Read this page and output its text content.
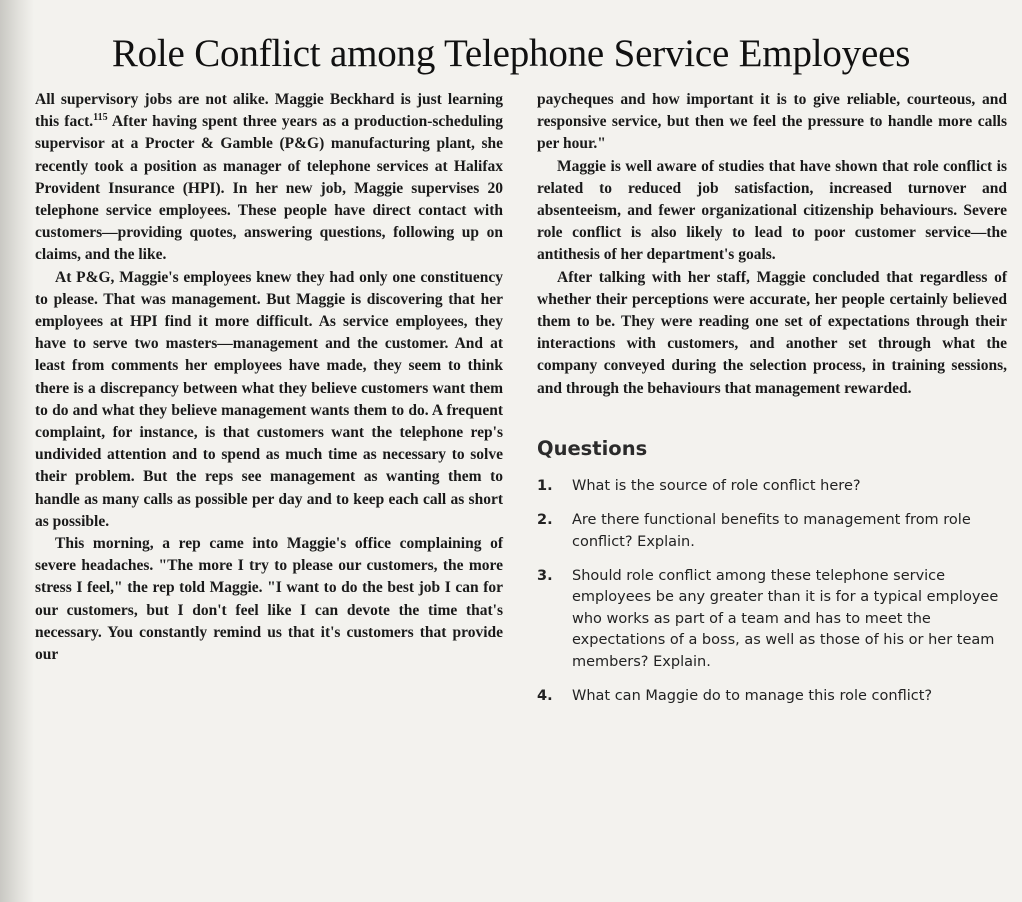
Role Conflict among Telephone Service Employees

All supervisory jobs are not alike. Maggie Beckhard is just learning this fact.$^{115}$ After having spent three years as a production-scheduling supervisor at a Procter & Gamble (P&G) manufacturing plant, she recently took a position as manager of telephone services at Halifax Provident Insurance (HPI). In her new job, Maggie supervises 20 telephone service employees. These people have direct contact with customers—providing quotes, answering questions, following up on claims, and the like.

At P&G, Maggie's employees knew they had only one constituency to please. That was management. But Maggie is discovering that her employees at HPI find it more difficult. As service employees, they have to serve two masters—management and the customer. And at least from comments her employees have made, they seem to think there is a discrepancy between what they believe customers want them to do and what they believe management wants them to do. A frequent complaint, for instance, is that customers want the telephone rep's undivided attention and to spend as much time as necessary to solve their problem. But the reps see management as wanting them to handle as many calls as possible per day and to keep each call as short as possible.

This morning, a rep came into Maggie's office complaining of severe headaches. "The more I try to please our customers, the more stress I feel," the rep told Maggie. "I want to do the best job I can for our customers, but I don't feel like I can devote the time that's necessary. You constantly remind us that it's customers that provide our

paycheques and how important it is to give reliable, courteous, and responsive service, but then we feel the pressure to handle more calls per hour."

Maggie is well aware of studies that have shown that role conflict is related to reduced job satisfaction, increased turnover and absenteeism, and fewer organizational citizenship behaviours. Severe role conflict is also likely to lead to poor customer service—the antithesis of her department's goals.

After talking with her staff, Maggie concluded that regardless of whether their perceptions were accurate, her people certainly believed them to be. They were reading one set of expectations through their interactions with customers, and another set through what the company conveyed during the selection process, in training sessions, and through the behaviours that management rewarded.

Questions
1.	What is the source of role conflict here?
2.	Are there functional benefits to management from role conflict? Explain.
3.	Should role conflict among these telephone service employees be any greater than it is for a typical employee who works as part of a team and has to meet the expectations of a boss, as well as those of his or her team members? Explain.
4.	What can Maggie do to manage this role conflict?
